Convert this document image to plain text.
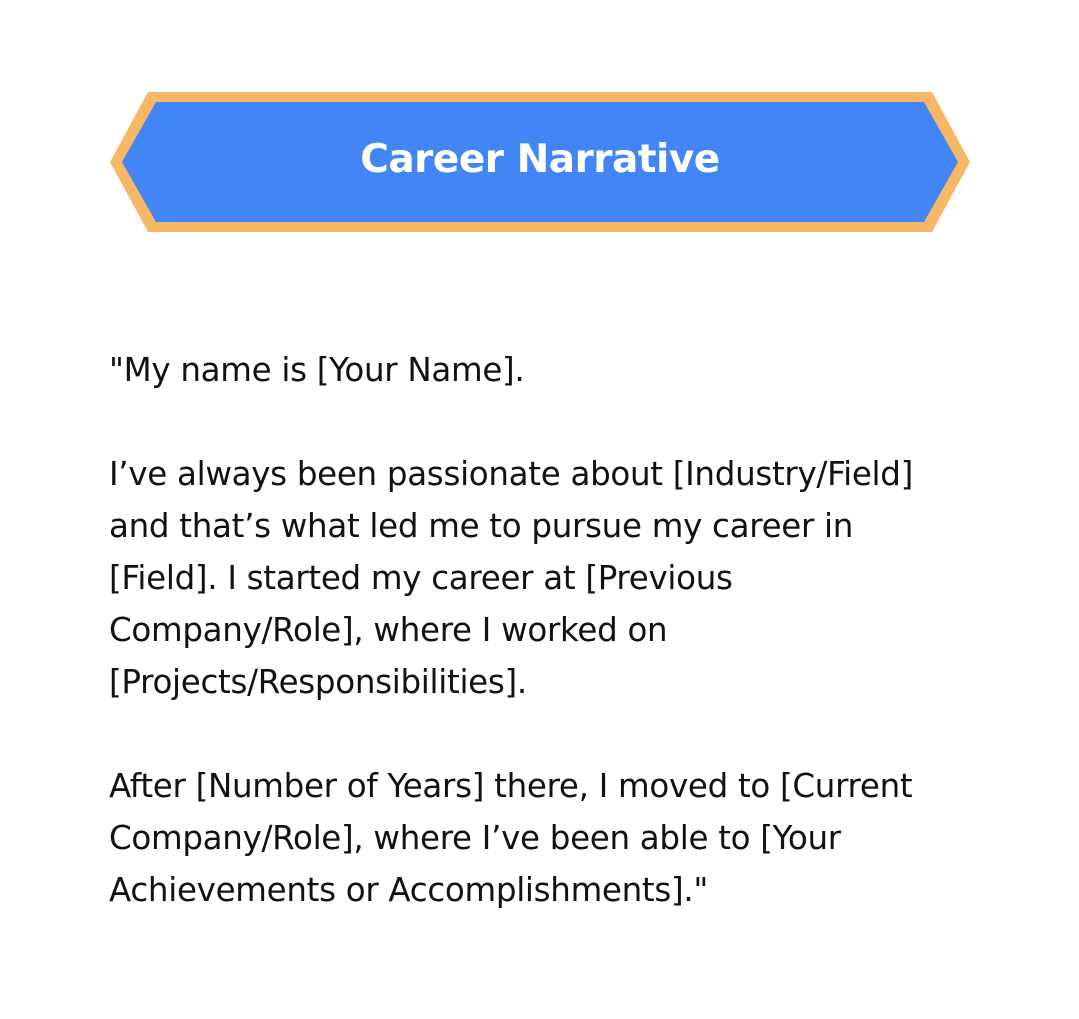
Career Narrative

"My name is [Your Name].

I’ve always been passionate about [Industry/Field] and that’s what led me to pursue my career in [Field]. I started my career at [Previous Company/Role], where I worked on [Projects/Responsibilities].

After [Number of Years] there, I moved to [Current Company/Role], where I’ve been able to [Your Achievements or Accomplishments]."
